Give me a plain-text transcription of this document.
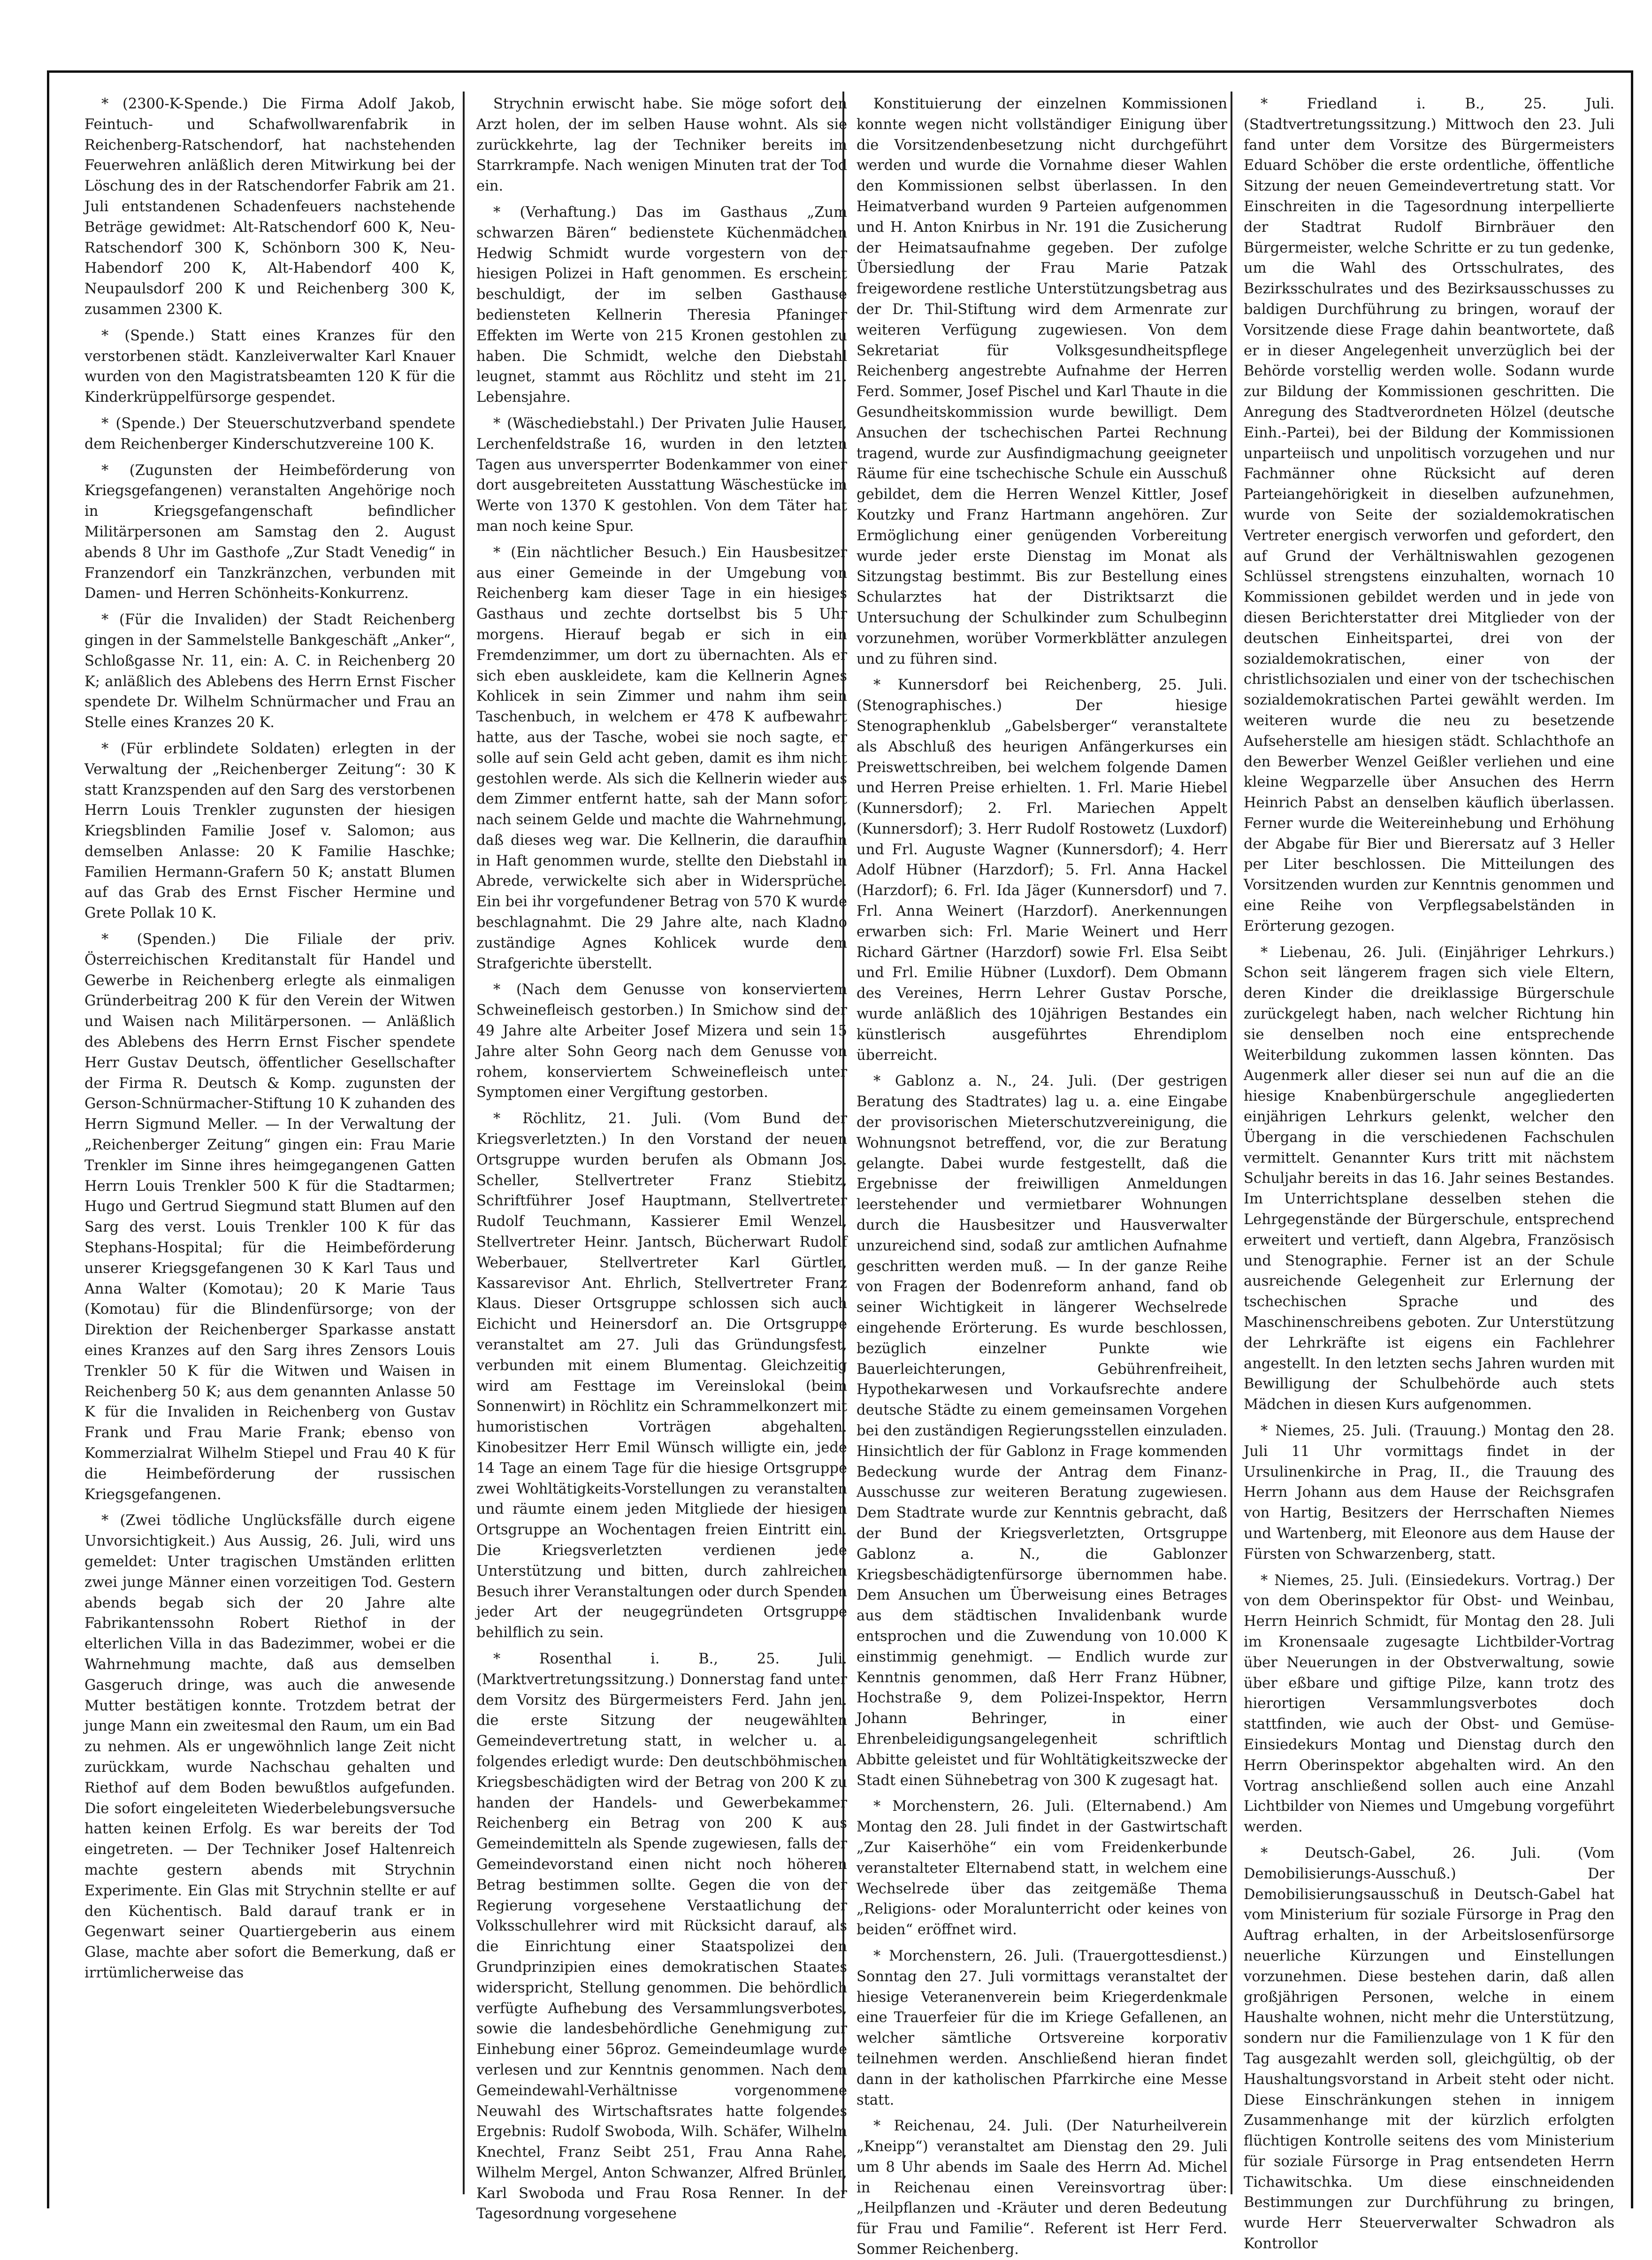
* (2300-K-Spende.) Die Firma Adolf Jakob, Feintuch- und Schafwollwarenfabrik in Reichenberg-Ratschendorf, hat nachstehenden Feuerwehren anläßlich deren Mitwirkung bei der Löschung des in der Ratschendorfer Fabrik am 21. Juli entstandenen Schadenfeuers nachstehende Beträge gewidmet: Alt-Ratschendorf 600 K, Neu-Ratschendorf 300 K, Schönborn 300 K, Neu-Habendorf 200 K, Alt-Habendorf 400 K, Neupaulsdorf 200 K und Reichenberg 300 K, zusammen 2300 K.

* (Spende.) Statt eines Kranzes für den verstorbenen städt. Kanzleiverwalter Karl Knauer wurden von den Magistratsbeamten 120 K für die Kinderkrüppelfürsorge gespendet.

* (Spende.) Der Steuerschutzverband spendete dem Reichenberger Kinderschutzvereine 100 K.

* (Zugunsten der Heimbeförderung von Kriegsgefangenen) veranstalten Angehörige noch in Kriegsgefangenschaft befindlicher Militärpersonen am Samstag den 2. August abends 8 Uhr im Gasthofe „Zur Stadt Venedig“ in Franzendorf ein Tanzkränzchen, verbunden mit Damen- und Herren Schönheits-Konkurrenz.

* (Für die Invaliden) der Stadt Reichenberg gingen in der Sammelstelle Bankgeschäft „Anker“, Schloßgasse Nr. 11, ein: A. C. in Reichenberg 20 K; anläßlich des Ablebens des Herrn Ernst Fischer spendete Dr. Wilhelm Schnürmacher und Frau an Stelle eines Kranzes 20 K.

* (Für erblindete Soldaten) erlegten in der Verwaltung der „Reichenberger Zeitung“: 30 K statt Kranzspenden auf den Sarg des verstorbenen Herrn Louis Trenkler zugunsten der hiesigen Kriegsblinden Familie Josef v. Salomon; aus demselben Anlasse: 20 K Familie Haschke; Familien Hermann-Grafern 50 K; anstatt Blumen auf das Grab des Ernst Fischer Hermine und Grete Pollak 10 K.

* (Spenden.) Die Filiale der priv. Österreichischen Kreditanstalt für Handel und Gewerbe in Reichenberg erlegte als einmaligen Gründerbeitrag 200 K für den Verein der Witwen und Waisen nach Militärpersonen. — Anläßlich des Ablebens des Herrn Ernst Fischer spendete Herr Gustav Deutsch, öffentlicher Gesellschafter der Firma R. Deutsch & Komp. zugunsten der Gerson-Schnürmacher-Stiftung 10 K zuhanden des Herrn Sigmund Meller. — In der Verwaltung der „Reichenberger Zeitung“ gingen ein: Frau Marie Trenkler im Sinne ihres heimgegangenen Gatten Herrn Louis Trenkler 500 K für die Stadtarmen; Hugo und Gertrud Siegmund statt Blumen auf den Sarg des verst. Louis Trenkler 100 K für das Stephans-Hospital; für die Heimbeförderung unserer Kriegsgefangenen 30 K Karl Taus und Anna Walter (Komotau); 20 K Marie Taus (Komotau) für die Blindenfürsorge; von der Direktion der Reichenberger Sparkasse anstatt eines Kranzes auf den Sarg ihres Zensors Louis Trenkler 50 K für die Witwen und Waisen in Reichenberg 50 K; aus dem genannten Anlasse 50 K für die Invaliden in Reichenberg von Gustav Frank und Frau Marie Frank; ebenso von Kommerzialrat Wilhelm Stiepel und Frau 40 K für die Heimbeförderung der russischen Kriegsgefangenen.

* (Zwei tödliche Unglücksfälle durch eigene Unvorsichtigkeit.) Aus Aussig, 26. Juli, wird uns gemeldet: Unter tragischen Umständen erlitten zwei junge Männer einen vorzeitigen Tod. Gestern abends begab sich der 20 Jahre alte Fabrikantenssohn Robert Riethof in der elterlichen Villa in das Badezimmer, wobei er die Wahrnehmung machte, daß aus demselben Gasgeruch dringe, was auch die anwesende Mutter bestätigen konnte. Trotzdem betrat der junge Mann ein zweitesmal den Raum, um ein Bad zu nehmen. Als er ungewöhnlich lange Zeit nicht zurückkam, wurde Nachschau gehalten und Riethof auf dem Boden bewußtlos aufgefunden. Die sofort eingeleiteten Wiederbelebungsversuche hatten keinen Erfolg. Es war bereits der Tod eingetreten. — Der Techniker Josef Haltenreich machte gestern abends mit Strychnin Experimente. Ein Glas mit Strychnin stellte er auf den Küchentisch. Bald darauf trank er in Gegenwart seiner Quartiergeberin aus einem Glase, machte aber sofort die Bemerkung, daß er irrtümlicherweise das

Strychnin erwischt habe. Sie möge sofort den Arzt holen, der im selben Hause wohnt. Als sie zurückkehrte, lag der Techniker bereits im Starrkrampfe. Nach wenigen Minuten trat der Tod ein.

* (Verhaftung.) Das im Gasthaus „Zum schwarzen Bären“ bedienstete Küchenmädchen Hedwig Schmidt wurde vorgestern von der hiesigen Polizei in Haft genommen. Es erscheint beschuldigt, der im selben Gasthause bediensteten Kellnerin Theresia Pfaninger Effekten im Werte von 215 Kronen gestohlen zu haben. Die Schmidt, welche den Diebstahl leugnet, stammt aus Röchlitz und steht im 21. Lebensjahre.

* (Wäschediebstahl.) Der Privaten Julie Hauser, Lerchenfeldstraße 16, wurden in den letzten Tagen aus unversperrter Bodenkammer von einer dort ausgebreiteten Ausstattung Wäschestücke im Werte von 1370 K gestohlen. Von dem Täter hat man noch keine Spur.

* (Ein nächtlicher Besuch.) Ein Hausbesitzer aus einer Gemeinde in der Umgebung von Reichenberg kam dieser Tage in ein hiesiges Gasthaus und zechte dortselbst bis 5 Uhr morgens. Hierauf begab er sich in ein Fremdenzimmer, um dort zu übernachten. Als er sich eben auskleidete, kam die Kellnerin Agnes Kohlicek in sein Zimmer und nahm ihm sein Taschenbuch, in welchem er 478 K aufbewahrt hatte, aus der Tasche, wobei sie noch sagte, er solle auf sein Geld acht geben, damit es ihm nicht gestohlen werde. Als sich die Kellnerin wieder aus dem Zimmer entfernt hatte, sah der Mann sofort nach seinem Gelde und machte die Wahrnehmung, daß dieses weg war. Die Kellnerin, die daraufhin in Haft genommen wurde, stellte den Diebstahl in Abrede, verwickelte sich aber in Widersprüche. Ein bei ihr vorgefundener Betrag von 570 K wurde beschlagnahmt. Die 29 Jahre alte, nach Kladno zuständige Agnes Kohlicek wurde dem Strafgerichte überstellt.

* (Nach dem Genusse von konserviertem Schweinefleisch gestorben.) In Smichow sind der 49 Jahre alte Arbeiter Josef Mizera und sein 15 Jahre alter Sohn Georg nach dem Genusse von rohem, konserviertem Schweinefleisch unter Symptomen einer Vergiftung gestorben.

* Röchlitz, 21. Juli. (Vom Bund der Kriegsverletzten.) In den Vorstand der neuen Ortsgruppe wurden berufen als Obmann Jos. Scheller, Stellvertreter Franz Stiebitz, Schriftführer Josef Hauptmann, Stellvertreter Rudolf Teuchmann, Kassierer Emil Wenzel, Stellvertreter Heinr. Jantsch, Bücherwart Rudolf Weberbauer, Stellvertreter Karl Gürtler, Kassarevisor Ant. Ehrlich, Stellvertreter Franz Klaus. Dieser Ortsgruppe schlossen sich auch Eichicht und Heinersdorf an. Die Ortsgruppe veranstaltet am 27. Juli das Gründungsfest, verbunden mit einem Blumentag. Gleichzeitig wird am Festtage im Vereinslokal (beim Sonnenwirt) in Röchlitz ein Schrammelkonzert mit humoristischen Vorträgen abgehalten. Kinobesitzer Herr Emil Wünsch willigte ein, jede 14 Tage an einem Tage für die hiesige Ortsgruppe zwei Wohltätigkeits-Vorstellungen zu veranstalten und räumte einem jeden Mitgliede der hiesigen Ortsgruppe an Wochentagen freien Eintritt ein. Die Kriegsverletzten verdienen jede Unterstützung und bitten, durch zahlreichen Besuch ihrer Veranstaltungen oder durch Spenden jeder Art der neugegründeten Ortsgruppe behilflich zu sein.

* Rosenthal i. B., 25. Juli. (Marktvertretungssitzung.) Donnerstag fand unter dem Vorsitz des Bürgermeisters Ferd. Jahn jen. die erste Sitzung der neugewählten Gemeindevertretung statt, in welcher u. a. folgendes erledigt wurde: Den deutschböhmischen Kriegsbeschädigten wird der Betrag von 200 K zu handen der Handels- und Gewerbekammer Reichenberg ein Betrag von 200 K aus Gemeindemitteln als Spende zugewiesen, falls der Gemeindevorstand einen nicht noch höheren Betrag bestimmen sollte. Gegen die von der Regierung vorgesehene Verstaatlichung der Volksschullehrer wird mit Rücksicht darauf, als die Einrichtung einer Staatspolizei den Grundprinzipien eines demokratischen Staates widerspricht, Stellung genommen. Die behördlich verfügte Aufhebung des Versammlungsverbotes, sowie die landesbehördliche Genehmigung zur Einhebung einer 56proz. Gemeindeumlage wurde verlesen und zur Kenntnis genommen. Nach dem Gemeindewahl-Verhältnisse vorgenommene Neuwahl des Wirtschaftsrates hatte folgendes Ergebnis: Rudolf Swoboda, Wilh. Schäfer, Wilhelm Knechtel, Franz Seibt 251, Frau Anna Rahe, Wilhelm Mergel, Anton Schwanzer, Alfred Brünler, Karl Swoboda und Frau Rosa Renner. In der Tagesordnung vorgesehene

Konstituierung der einzelnen Kommissionen konnte wegen nicht vollständiger Einigung über die Vorsitzendenbesetzung nicht durchgeführt werden und wurde die Vornahme dieser Wahlen den Kommissionen selbst überlassen. In den Heimatverband wurden 9 Parteien aufgenommen und H. Anton Knirbus in Nr. 191 die Zusicherung der Heimatsaufnahme gegeben. Der zufolge Übersiedlung der Frau Marie Patzak freigewordene restliche Unterstützungsbetrag aus der Dr. Thil-Stiftung wird dem Armenrate zur weiteren Verfügung zugewiesen. Von dem Sekretariat für Volksgesundheitspflege Reichenberg angestrebte Aufnahme der Herren Ferd. Sommer, Josef Pischel und Karl Thaute in die Gesundheitskommission wurde bewilligt. Dem Ansuchen der tschechischen Partei Rechnung tragend, wurde zur Ausfindigmachung geeigneter Räume für eine tschechische Schule ein Ausschuß gebildet, dem die Herren Wenzel Kittler, Josef Koutzky und Franz Hartmann angehören. Zur Ermöglichung einer genügenden Vorbereitung wurde jeder erste Dienstag im Monat als Sitzungstag bestimmt. Bis zur Bestellung eines Schularztes hat der Distriktsarzt die Untersuchung der Schulkinder zum Schulbeginn vorzunehmen, worüber Vormerkblätter anzulegen und zu führen sind.

* Kunnersdorf bei Reichenberg, 25. Juli. (Stenographisches.) Der hiesige Stenographenklub „Gabelsberger“ veranstaltete als Abschluß des heurigen Anfängerkurses ein Preiswettschreiben, bei welchem folgende Damen und Herren Preise erhielten. 1. Frl. Marie Hiebel (Kunnersdorf); 2. Frl. Mariechen Appelt (Kunnersdorf); 3. Herr Rudolf Rostowetz (Luxdorf) und Frl. Auguste Wagner (Kunnersdorf); 4. Herr Adolf Hübner (Harzdorf); 5. Frl. Anna Hackel (Harzdorf); 6. Frl. Ida Jäger (Kunnersdorf) und 7. Frl. Anna Weinert (Harzdorf). Anerkennungen erwarben sich: Frl. Marie Weinert und Herr Richard Gärtner (Harzdorf) sowie Frl. Elsa Seibt und Frl. Emilie Hübner (Luxdorf). Dem Obmann des Vereines, Herrn Lehrer Gustav Porsche, wurde anläßlich des 10jährigen Bestandes ein künstlerisch ausgeführtes Ehrendiplom überreicht.

* Gablonz a. N., 24. Juli. (Der gestrigen Beratung des Stadtrates) lag u. a. eine Eingabe der provisorischen Mieterschutzvereinigung, die Wohnungsnot betreffend, vor, die zur Beratung gelangte. Dabei wurde festgestellt, daß die Ergebnisse der freiwilligen Anmeldungen leerstehender und vermietbarer Wohnungen durch die Hausbesitzer und Hausverwalter unzureichend sind, sodaß zur amtlichen Aufnahme geschritten werden muß. — In der ganze Reihe von Fragen der Bodenreform anhand, fand ob seiner Wichtigkeit in längerer Wechselrede eingehende Erörterung. Es wurde beschlossen, bezüglich einzelner Punkte wie Bauerleichterungen, Gebührenfreiheit, Hypothekarwesen und Vorkaufsrechte andere deutsche Städte zu einem gemeinsamen Vorgehen bei den zuständigen Regierungsstellen einzuladen. Hinsichtlich der für Gablonz in Frage kommenden Bedeckung wurde der Antrag dem Finanz-Ausschusse zur weiteren Beratung zugewiesen. Dem Stadtrate wurde zur Kenntnis gebracht, daß der Bund der Kriegsverletzten, Ortsgruppe Gablonz a. N., die Gablonzer Kriegsbeschädigtenfürsorge übernommen habe. Dem Ansuchen um Überweisung eines Betrages aus dem städtischen Invalidenbank wurde entsprochen und die Zuwendung von 10.000 K einstimmig genehmigt. — Endlich wurde zur Kenntnis genommen, daß Herr Franz Hübner, Hochstraße 9, dem Polizei-Inspektor, Herrn Johann Behringer, in einer Ehrenbeleidigungsangelegenheit schriftlich Abbitte geleistet und für Wohltätigkeitszwecke der Stadt einen Sühnebetrag von 300 K zugesagt hat.

* Morchenstern, 26. Juli. (Elternabend.) Am Montag den 28. Juli findet in der Gastwirtschaft „Zur Kaiserhöhe“ ein vom Freidenkerbunde veranstalteter Elternabend statt, in welchem eine Wechselrede über das zeitgemäße Thema „Religions- oder Moralunterricht oder keines von beiden“ eröffnet wird.

* Morchenstern, 26. Juli. (Trauergottesdienst.) Sonntag den 27. Juli vormittags veranstaltet der hiesige Veteranenverein beim Kriegerdenkmale eine Trauerfeier für die im Kriege Gefallenen, an welcher sämtliche Ortsvereine korporativ teilnehmen werden. Anschließend hieran findet dann in der katholischen Pfarrkirche eine Messe statt.

* Reichenau, 24. Juli. (Der Naturheilverein „Kneipp“) veranstaltet am Dienstag den 29. Juli um 8 Uhr abends im Saale des Herrn Ad. Michel in Reichenau einen Vereinsvortrag über: „Heilpflanzen und -Kräuter und deren Bedeutung für Frau und Familie“. Referent ist Herr Ferd. Sommer Reichenberg.

* Friedland i. B., 25. Juli. (Stadtvertretungssitzung.) Mittwoch den 23. Juli fand unter dem Vorsitze des Bürgermeisters Eduard Schöber die erste ordentliche, öffentliche Sitzung der neuen Gemeindevertretung statt. Vor Einschreiten in die Tagesordnung interpellierte der Stadtrat Rudolf Birnbräuer den Bürgermeister, welche Schritte er zu tun gedenke, um die Wahl des Ortsschulrates, des Bezirksschulrates und des Bezirksausschusses zu baldigen Durchführung zu bringen, worauf der Vorsitzende diese Frage dahin beantwortete, daß er in dieser Angelegenheit unverzüglich bei der Behörde vorstellig werden wolle. Sodann wurde zur Bildung der Kommissionen geschritten. Die Anregung des Stadtverordneten Hölzel (deutsche Einh.-Partei), bei der Bildung der Kommissionen unparteiisch und unpolitisch vorzugehen und nur Fachmänner ohne Rücksicht auf deren Parteiangehörigkeit in dieselben aufzunehmen, wurde von Seite der sozialdemokratischen Vertreter energisch verworfen und gefordert, den auf Grund der Verhältniswahlen gezogenen Schlüssel strengstens einzuhalten, wornach 10 Kommissionen gebildet werden und in jede von diesen Berichterstatter drei Mitglieder von der deutschen Einheitspartei, drei von der sozialdemokratischen, einer von der christlichsozialen und einer von der tschechischen sozialdemokratischen Partei gewählt werden. Im weiteren wurde die neu zu besetzende Aufseherstelle am hiesigen städt. Schlachthofe an den Bewerber Wenzel Geißler verliehen und eine kleine Wegparzelle über Ansuchen des Herrn Heinrich Pabst an denselben käuflich überlassen. Ferner wurde die Weitereinhebung und Erhöhung der Abgabe für Bier und Bierersatz auf 3 Heller per Liter beschlossen. Die Mitteilungen des Vorsitzenden wurden zur Kenntnis genommen und eine Reihe von Verpflegsabelständen in Erörterung gezogen.

* Liebenau, 26. Juli. (Einjähriger Lehrkurs.) Schon seit längerem fragen sich viele Eltern, deren Kinder die dreiklassige Bürgerschule zurückgelegt haben, nach welcher Richtung hin sie denselben noch eine entsprechende Weiterbildung zukommen lassen könnten. Das Augenmerk aller dieser sei nun auf die an die hiesige Knabenbürgerschule angegliederten einjährigen Lehrkurs gelenkt, welcher den Übergang in die verschiedenen Fachschulen vermittelt. Genannter Kurs tritt mit nächstem Schuljahr bereits in das 16. Jahr seines Bestandes. Im Unterrichtsplane desselben stehen die Lehrgegenstände der Bürgerschule, entsprechend erweitert und vertieft, dann Algebra, Französisch und Stenographie. Ferner ist an der Schule ausreichende Gelegenheit zur Erlernung der tschechischen Sprache und des Maschinenschreibens geboten. Zur Unterstützung der Lehrkräfte ist eigens ein Fachlehrer angestellt. In den letzten sechs Jahren wurden mit Bewilligung der Schulbehörde auch stets Mädchen in diesen Kurs aufgenommen.

* Niemes, 25. Juli. (Trauung.) Montag den 28. Juli 11 Uhr vormittags findet in der Ursulinenkirche in Prag, II., die Trauung des Herrn Johann aus dem Hause der Reichsgrafen von Hartig, Besitzers der Herrschaften Niemes und Wartenberg, mit Eleonore aus dem Hause der Fürsten von Schwarzenberg, statt.

* Niemes, 25. Juli. (Einsiedekurs. Vortrag.) Der von dem Oberinspektor für Obst- und Weinbau, Herrn Heinrich Schmidt, für Montag den 28. Juli im Kronensaale zugesagte Lichtbilder-Vortrag über Neuerungen in der Obstverwaltung, sowie über eßbare und giftige Pilze, kann trotz des hierortigen Versammlungsverbotes doch stattfinden, wie auch der Obst- und Gemüse-Einsiedekurs Montag und Dienstag durch den Herrn Oberinspektor abgehalten wird. An den Vortrag anschließend sollen auch eine Anzahl Lichtbilder von Niemes und Umgebung vorgeführt werden.

* Deutsch-Gabel, 26. Juli. (Vom Demobilisierungs-Ausschuß.) Der Demobilisierungsausschuß in Deutsch-Gabel hat vom Ministerium für soziale Fürsorge in Prag den Auftrag erhalten, in der Arbeitslosenfürsorge neuerliche Kürzungen und Einstellungen vorzunehmen. Diese bestehen darin, daß allen großjährigen Personen, welche in einem Haushalte wohnen, nicht mehr die Unterstützung, sondern nur die Familienzulage von 1 K für den Tag ausgezahlt werden soll, gleichgültig, ob der Haushaltungsvorstand in Arbeit steht oder nicht. Diese Einschränkungen stehen in innigem Zusammenhange mit der kürzlich erfolgten flüchtigen Kontrolle seitens des vom Ministerium für soziale Fürsorge in Prag entsendeten Herrn Tichawitschka. Um diese einschneidenden Bestimmungen zur Durchführung zu bringen, wurde Herr Steuerverwalter Schwadron als Kontrollor
